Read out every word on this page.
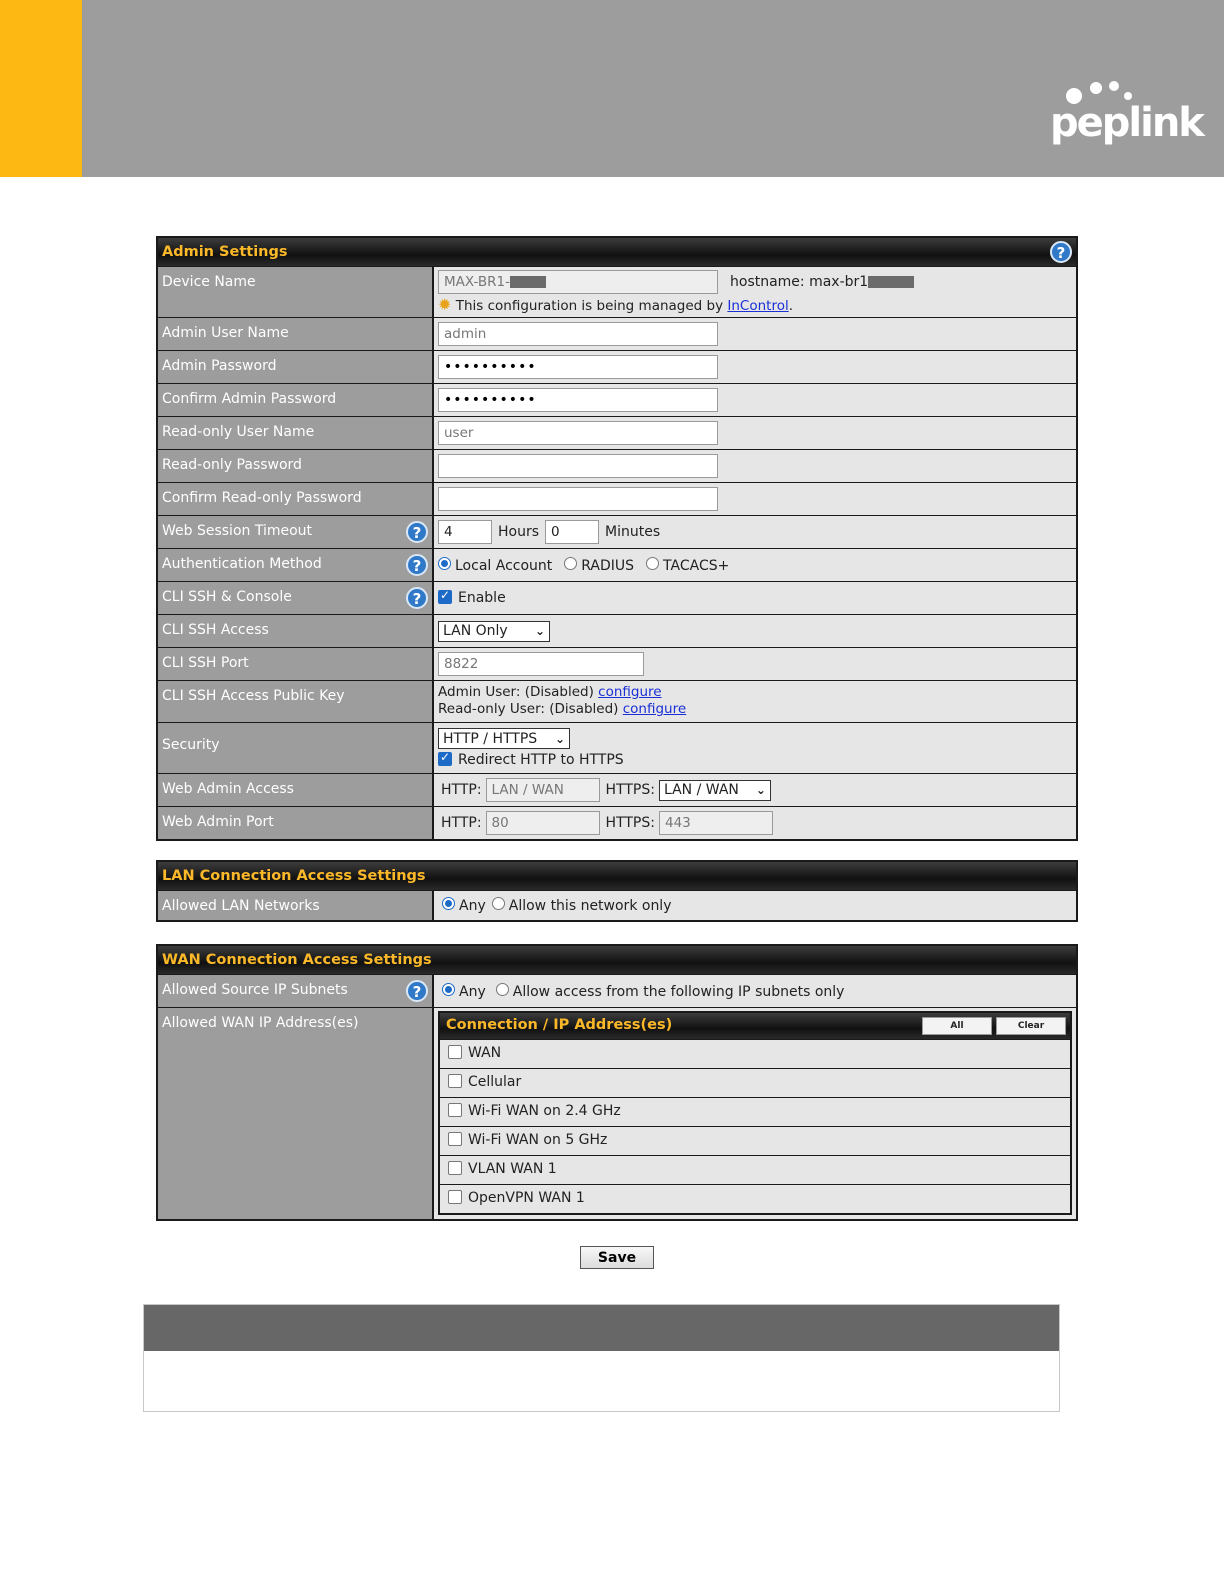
peplink
Admin Settings	?
Device Name	MAX-BR1-	hostname: max-br1
✹ This configuration is being managed by InControl.
Admin User Name	admin
Admin Password	••••••••••
Confirm Admin Password	••••••••••
Read-only User Name	user
Read-only Password
Confirm Read-only Password
Web Session Timeout	?	4	Hours 0	Minutes
Authentication Method	?	Local Account	RADIUS	TACACS+
CLI SSH & Console	?
✓	Enable
CLI SSH Access	LAN Only ⌄
CLI SSH Port	8822
CLI SSH Access Public Key	Admin User: (Disabled) configure
Read-only User: (Disabled) configure
Security	HTTP / HTTPS ⌄
✓Redirect HTTP to HTTPS
Web Admin Access	HTTP: LAN / WAN	HTTPS: LAN / WAN ⌄
Web Admin Port	HTTP: 80	HTTPS: 443
LAN Connection Access Settings
Allowed LAN Networks	Any	Allow this network only
WAN Connection Access Settings
Allowed Source IP Subnets	?	Any	Allow access from the following IP subnets only
Allowed WAN IP Address(es)	Connection / IP Address(es)	All	Clear
WAN
Cellular
Wi-Fi WAN on 2.4 GHz
Wi-Fi WAN on 5 GHz
VLAN WAN 1
OpenVPN WAN 1
Save
